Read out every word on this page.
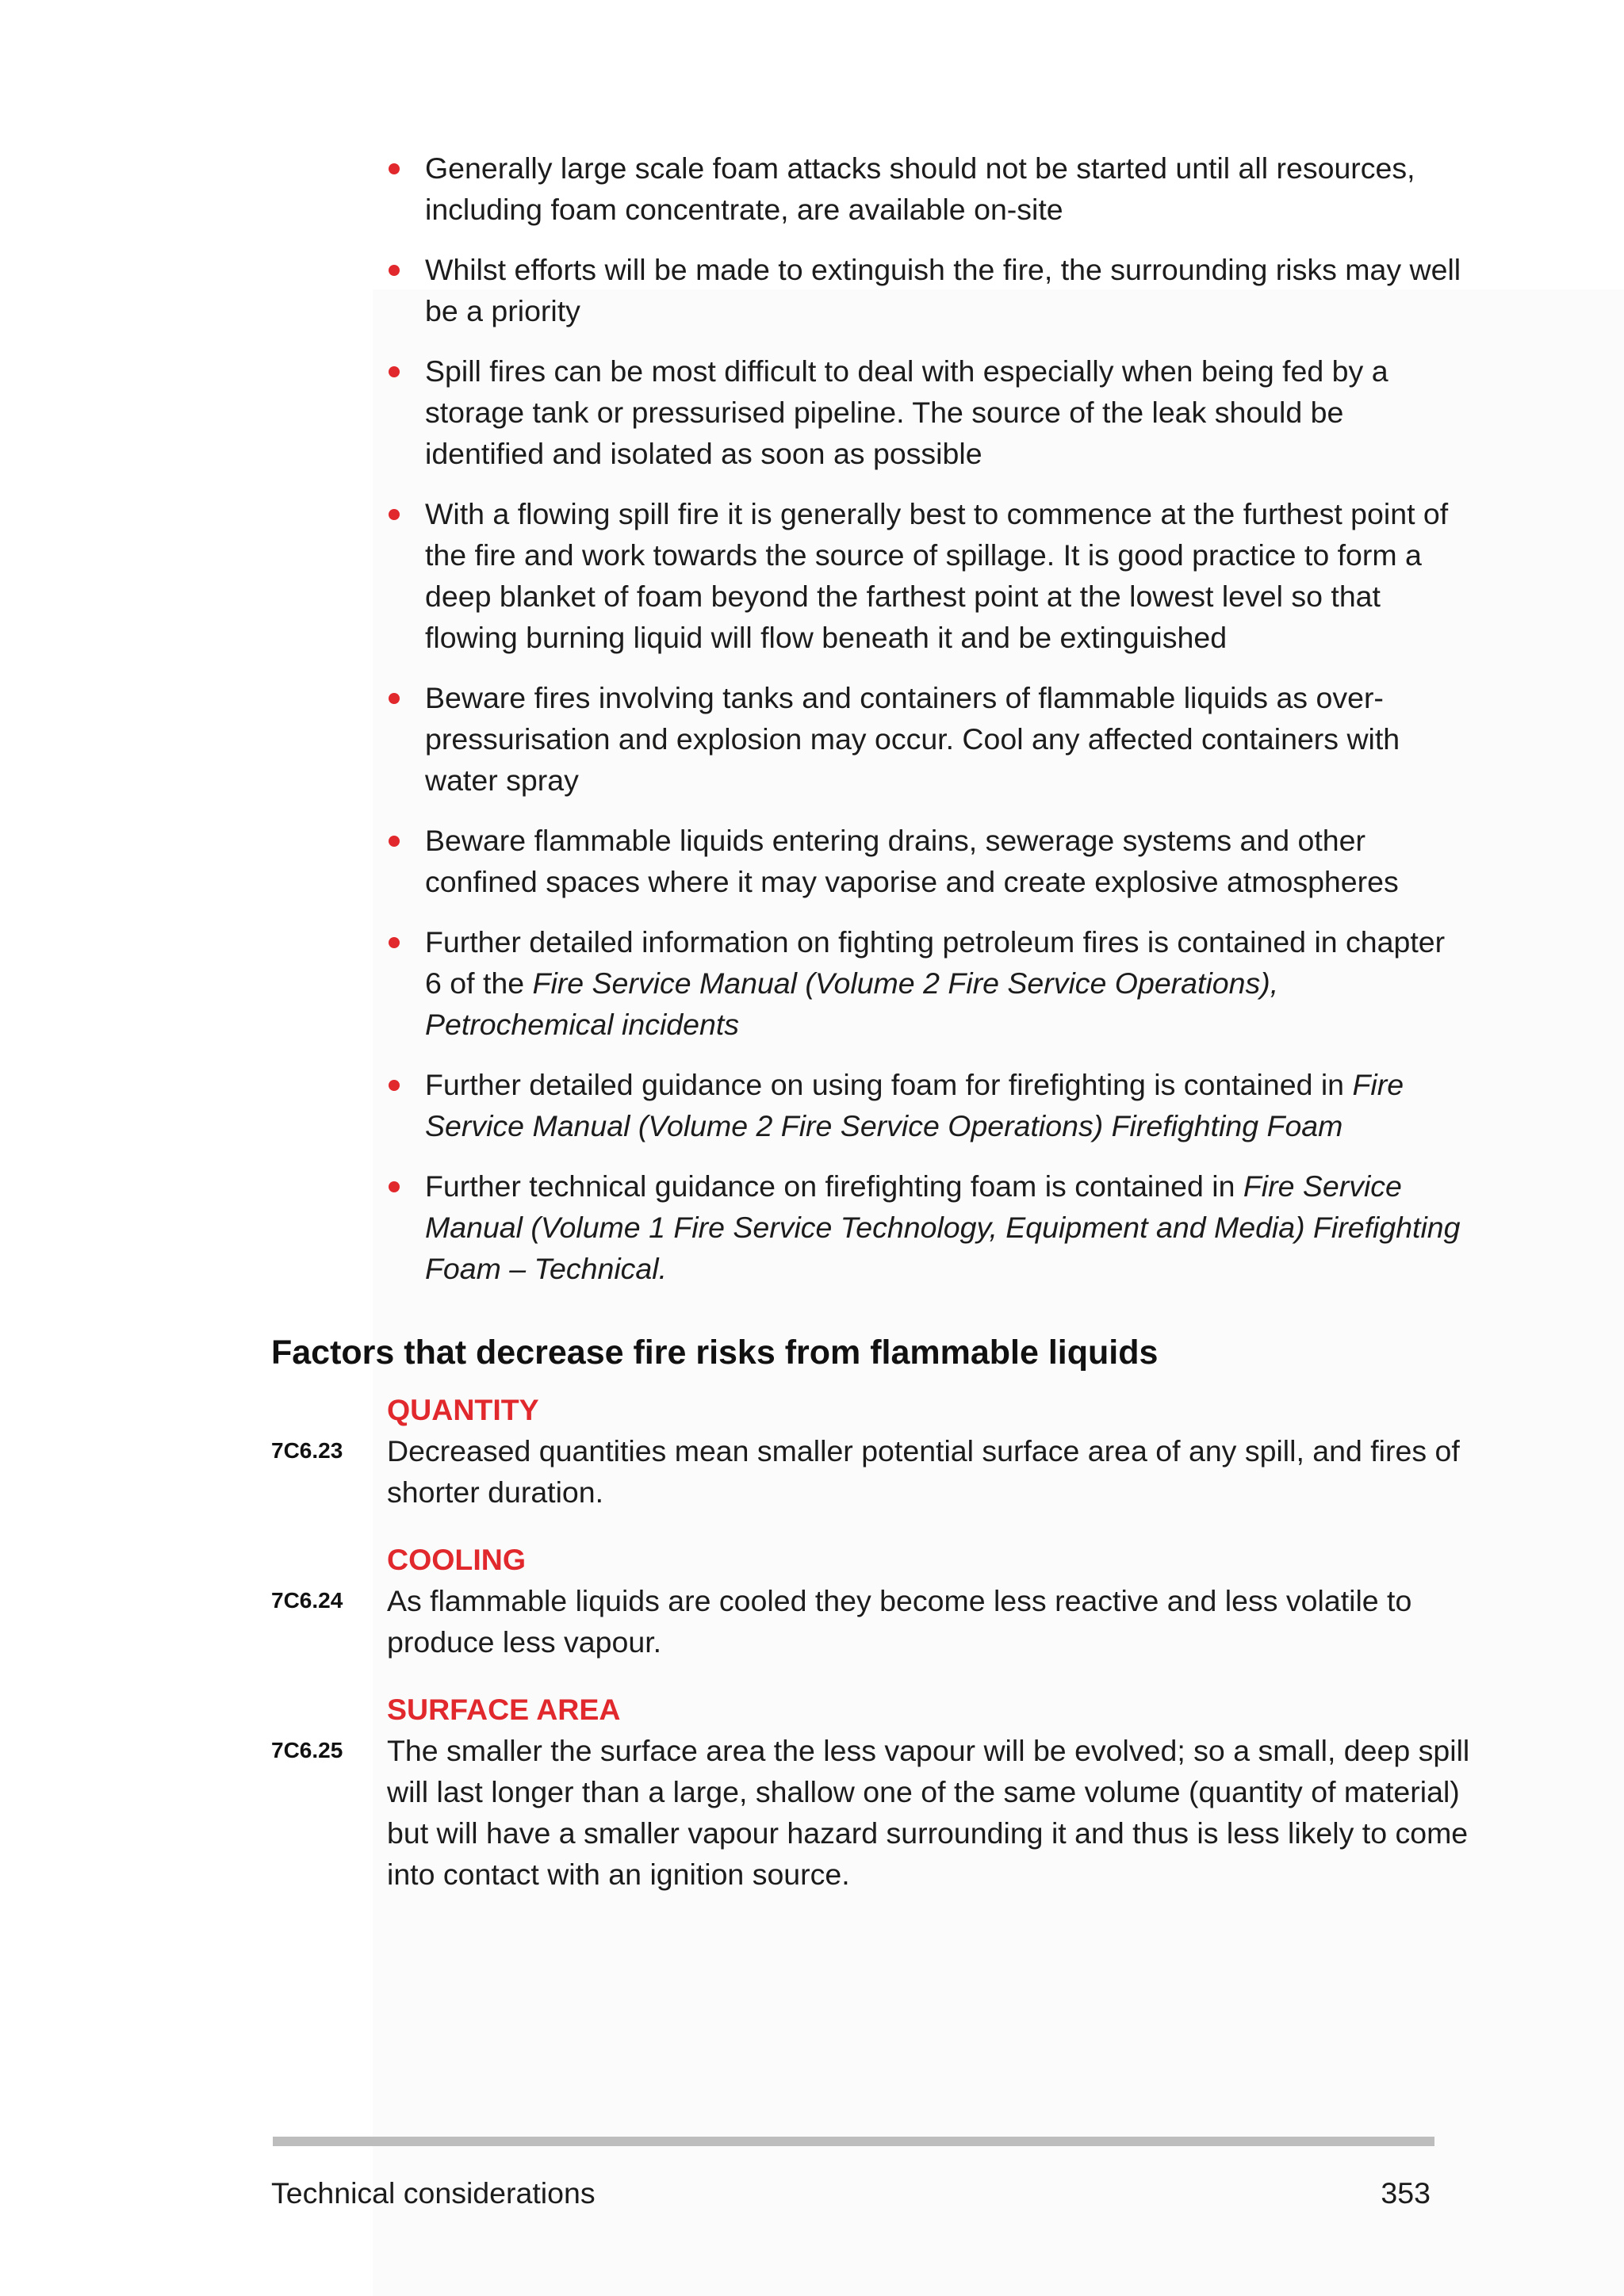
Generally large scale foam attacks should not be started until all resources, including foam concentrate, are available on-site
Whilst efforts will be made to extinguish the fire, the surrounding risks may well be a priority
Spill fires can be most difficult to deal with especially when being fed by a storage tank or pressurised pipeline. The source of the leak should be identified and isolated as soon as possible
With a flowing spill fire it is generally best to commence at the furthest point of the fire and work towards the source of spillage. It is good practice to form a deep blanket of foam beyond the farthest point at the lowest level so that flowing burning liquid will flow beneath it and be extinguished
Beware fires involving tanks and containers of flammable liquids as over-pressurisation and explosion may occur. Cool any affected containers with water spray
Beware flammable liquids entering drains, sewerage systems and other confined spaces where it may vaporise and create explosive atmospheres
Further detailed information on fighting petroleum fires is contained in chapter 6 of the Fire Service Manual (Volume 2 Fire Service Operations), Petrochemical incidents
Further detailed guidance on using foam for firefighting is contained in Fire Service Manual (Volume 2 Fire Service Operations) Firefighting Foam
Further technical guidance on firefighting foam is contained in Fire Service Manual (Volume 1 Fire Service Technology, Equipment and Media) Firefighting Foam – Technical.
Factors that decrease fire risks from flammable liquids
QUANTITY
7C6.23	Decreased quantities mean smaller potential surface area of any spill, and fires of shorter duration.
COOLING
7C6.24	As flammable liquids are cooled they become less reactive and less volatile to produce less vapour.
SURFACE AREA
7C6.25	The smaller the surface area the less vapour will be evolved; so a small, deep spill will last longer than a large, shallow one of the same volume (quantity of material) but will have a smaller vapour hazard surrounding it and thus is less likely to come into contact with an ignition source.
Technical considerations	353
